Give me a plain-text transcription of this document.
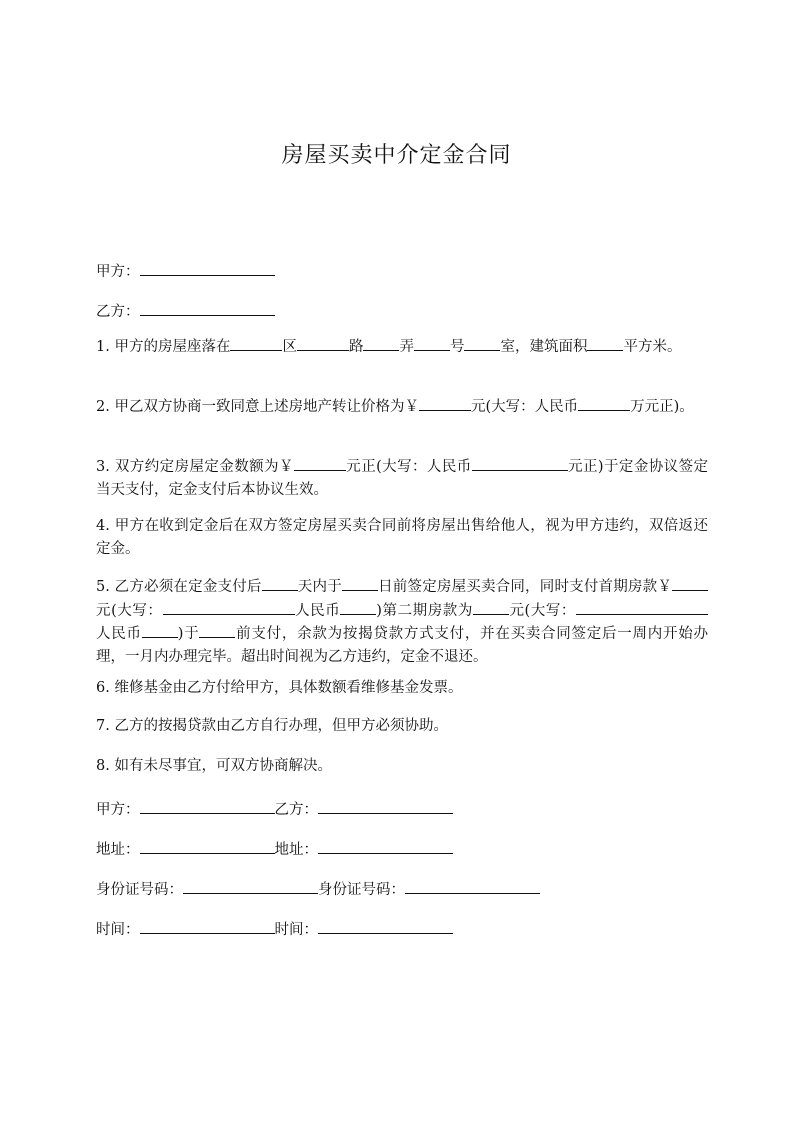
房屋买卖中介定金合同
甲方：
乙方：
1. 甲方的房屋座落在	区	路 弄 号 室，建筑面积 平方米。
2. 甲乙双方协商一致同意上述房地产转让价格为￥	元(大写：人民币	万元正)。
3. 双方约定房屋定金数额为￥	元正(大写：人民币	元正)于定金协议签定当天支付，定金支付后本协议生效。
4. 甲方在收到定金后在双方签定房屋买卖合同前将房屋出售给他人，视为甲方违约，双倍返还定金。
5. 乙方必须在定金支付后 天内于 日前签定房屋买卖合同，同时支付首期房款￥元(大写：	人民币 )第二期房款为 元(大写：人民币 )于 前支付，余款为按揭贷款方式支付，并在买卖合同签定后一周内开始办理，一月内办理完毕。超出时间视为乙方违约，定金不退还。
6. 维修基金由乙方付给甲方，具体数额看维修基金发票。
7. 乙方的按揭贷款由乙方自行办理，但甲方必须协助。
8. 如有未尽事宜，可双方协商解决。
甲方：	乙方：
地址：	地址：
身份证号码：	身份证号码：
时间：	时间：
